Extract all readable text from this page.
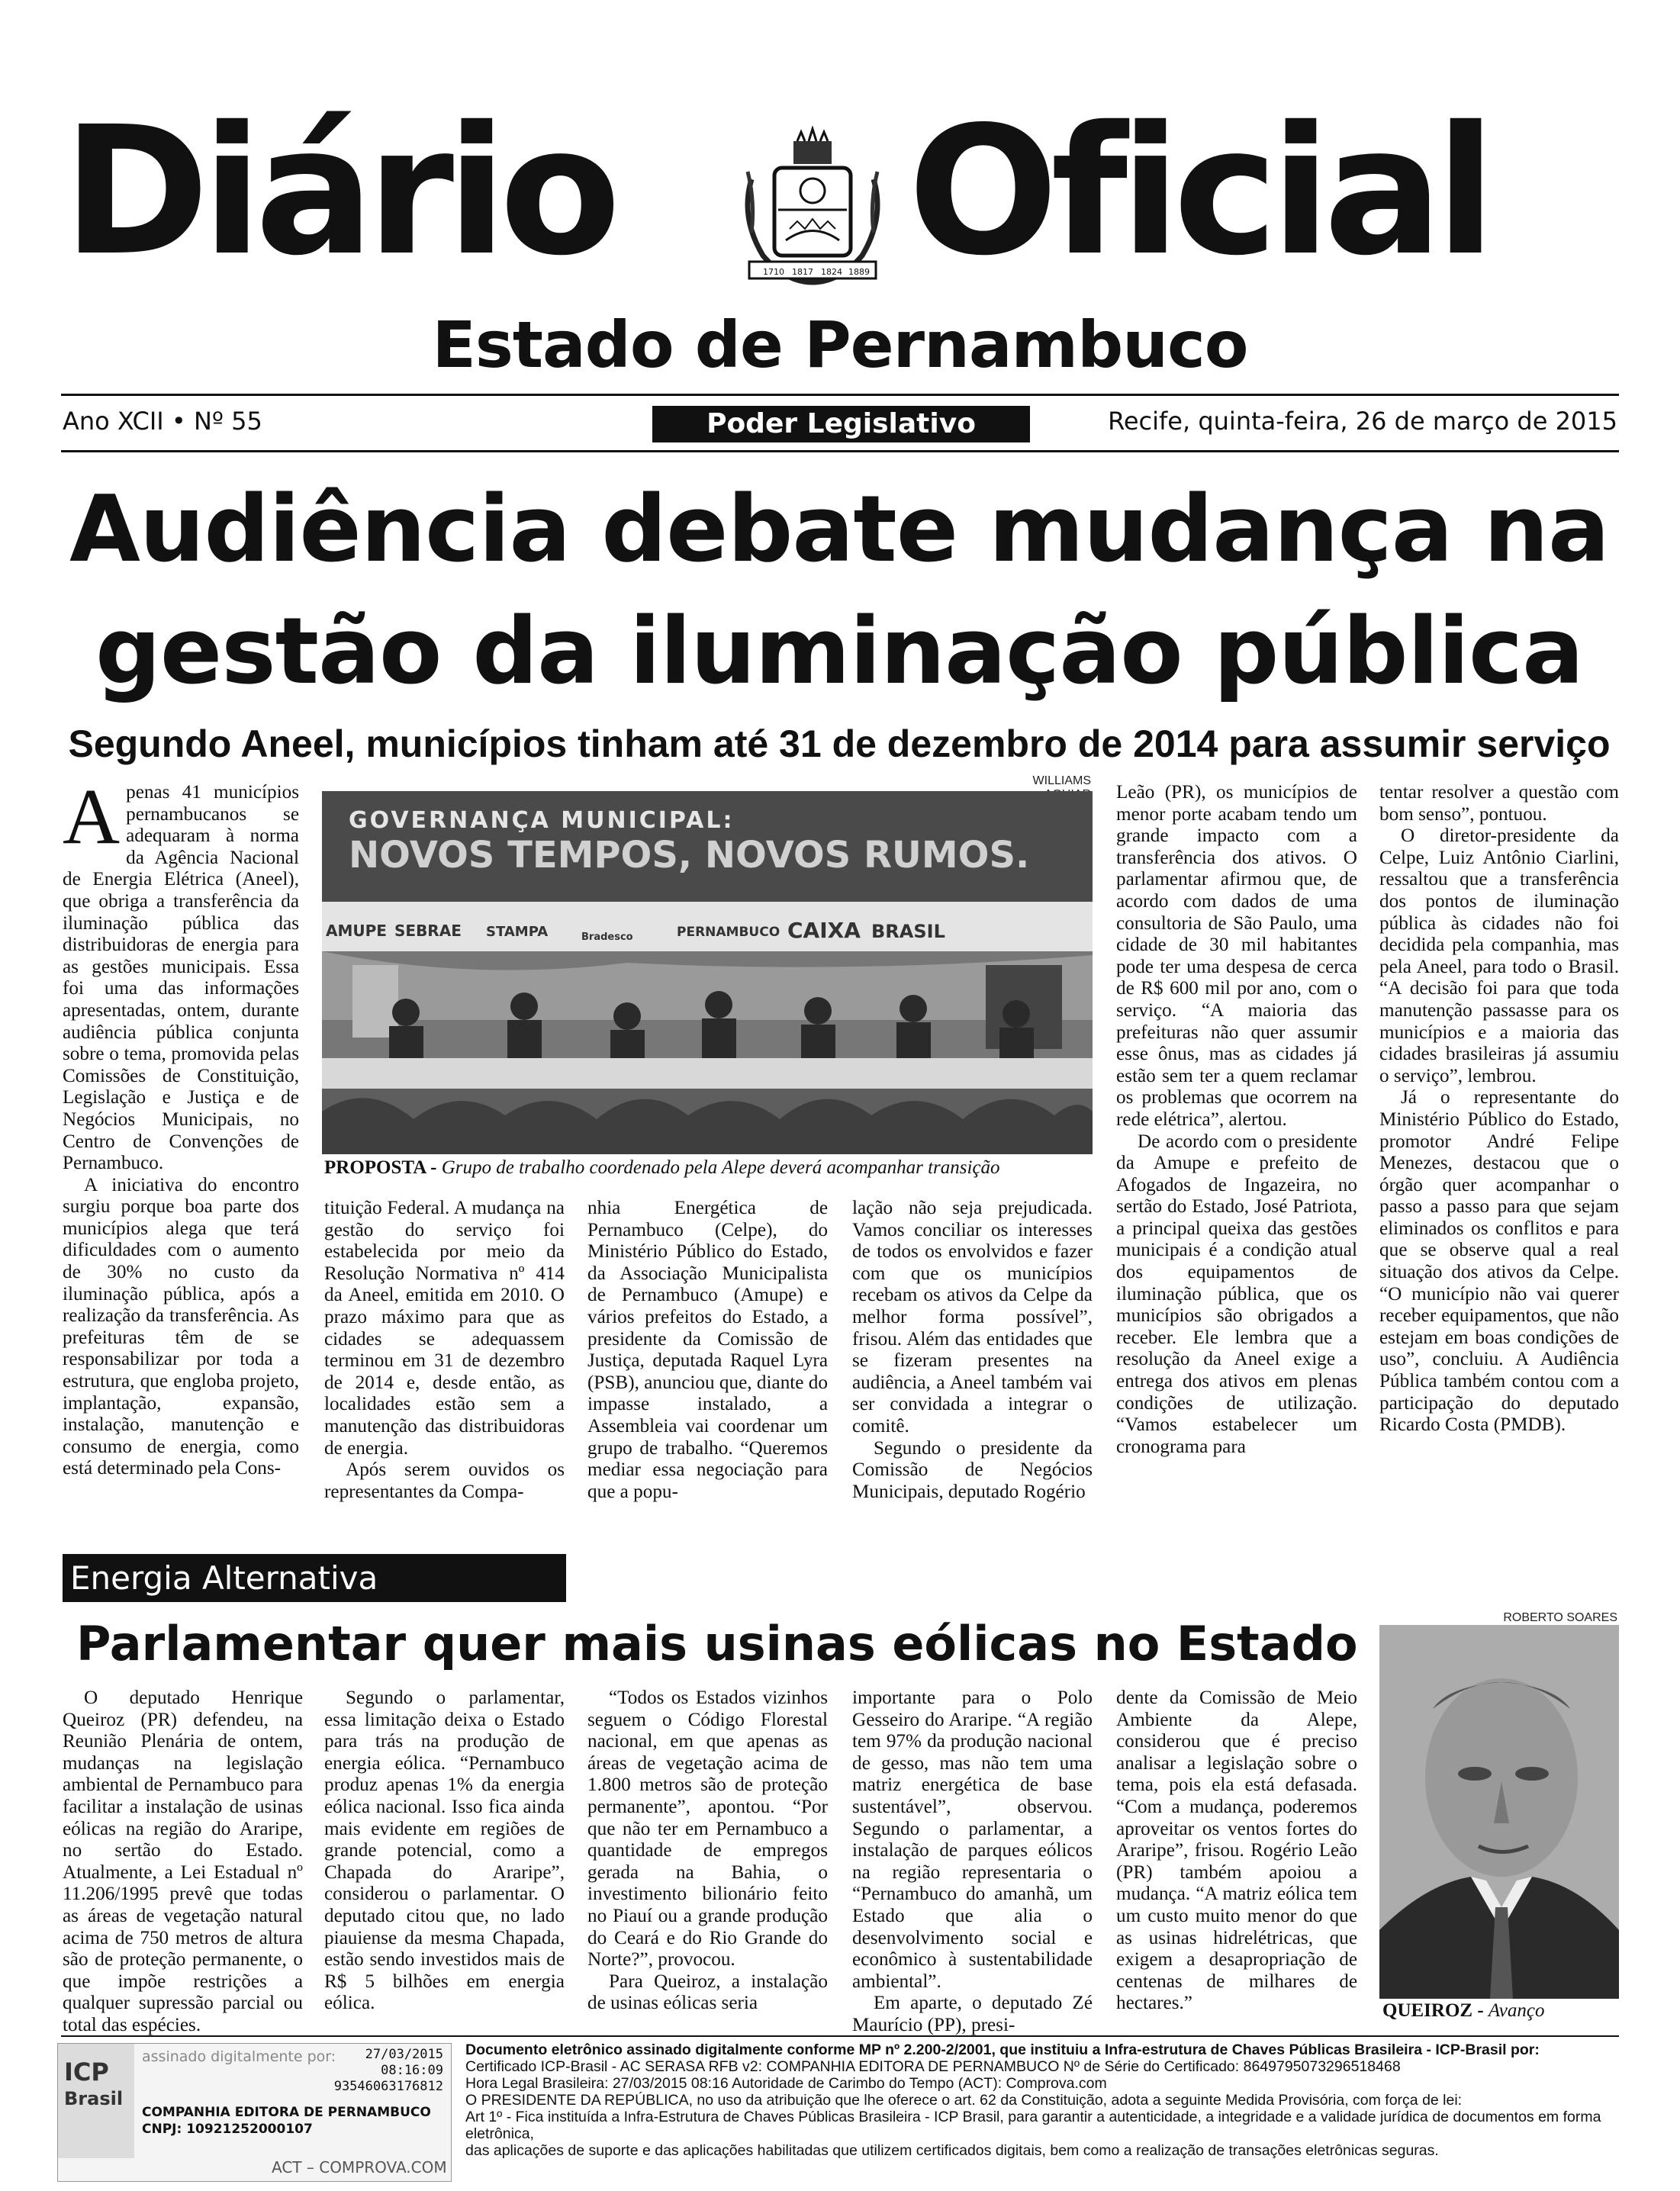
Diário Oficial
1710 1817 1824 1889
Estado de Pernambuco
Ano XCII • Nº 55	Poder Legislativo	Recife, quinta-feira, 26 de março de 2015
Audiência debate mudança na
gestão da iluminação pública
Segundo Aneel, municípios tinham até 31 de dezembro de 2014 para assumir serviço
WILLIAMS
GOVERNANÇA MUNICIPAL:
NOVOS TEMPOS, NOVOS RUMOS.
AMUPE SEBRAE STAMPA	Bradesco	PERNAMBUCO CAIXA BRASIL
PROPOSTA - Grupo de trabalho coordenado pela Alepe deverá acompanhar transição

Apenas 41 municípios pernambucanos se adequaram à norma da Agência Nacional de Energia Elétrica (Aneel), que obriga a transferência da iluminação pública das distribuidoras de energia para as gestões municipais. Essa foi uma das informações apresentadas, ontem, durante audiência pública conjunta sobre o tema, promovida pelas Comissões de Constituição, Legislação e Justiça e de Negócios Municipais, no Centro de Convenções de Pernambuco.

A iniciativa do encontro surgiu porque boa parte dos municípios alega que terá dificuldades com o aumento de 30% no custo da iluminação pública, após a realização da transferência. As prefeituras têm de se responsabilizar por toda a estrutura, que engloba projeto, implantação, expansão, instalação, manutenção e consumo de energia, como está determinado pela Cons-

tituição Federal. A mudança na gestão do serviço foi estabelecida por meio da Resolução Normativa nº 414 da Aneel, emitida em 2010. O prazo máximo para que as cidades se adequassem terminou em 31 de dezembro de 2014 e, desde então, as localidades estão sem a manutenção das distribuidoras de energia.

Após serem ouvidos os representantes da Compa-

nhia Energética de Pernambuco (Celpe), do Ministério Público do Estado, da Associação Municipalista de Pernambuco (Amupe) e vários prefeitos do Estado, a presidente da Comissão de Justiça, deputada Raquel Lyra (PSB), anunciou que, diante do impasse instalado, a Assembleia vai coordenar um grupo de trabalho. “Queremos mediar essa negociação para que a popu-

lação não seja prejudicada. Vamos conciliar os interesses de todos os envolvidos e fazer com que os municípios recebam os ativos da Celpe da melhor forma possível”, frisou. Além das entidades que se fizeram presentes na audiência, a Aneel também vai ser convidada a integrar o comitê.

Segundo o presidente da Comissão de Negócios Municipais, deputado Rogério

Leão (PR), os municípios de menor porte acabam tendo um grande impacto com a transferência dos ativos. O parlamentar afirmou que, de acordo com dados de uma consultoria de São Paulo, uma cidade de 30 mil habitantes pode ter uma despesa de cerca de R$ 600 mil por ano, com o serviço. “A maioria das prefeituras não quer assumir esse ônus, mas as cidades já estão sem ter a quem reclamar os problemas que ocorrem na rede elétrica”, alertou.

De acordo com o presidente da Amupe e prefeito de Afogados de Ingazeira, no sertão do Estado, José Patriota, a principal queixa das gestões municipais é a condição atual dos equipamentos de iluminação pública, que os municípios são obrigados a receber. Ele lembra que a resolução da Aneel exige a entrega dos ativos em plenas condições de utilização. “Vamos estabelecer um cronograma para

tentar resolver a questão com bom senso”, pontuou.

O diretor-presidente da Celpe, Luiz Antônio Ciarlini, ressaltou que a transferência dos pontos de iluminação pública às cidades não foi decidida pela companhia, mas pela Aneel, para todo o Brasil. “A decisão foi para que toda manutenção passasse para os municípios e a maioria das cidades brasileiras já assumiu o serviço”, lembrou.

Já o representante do Ministério Público do Estado, promotor André Felipe Menezes, destacou que o órgão quer acompanhar o passo a passo para que sejam eliminados os conflitos e para que se observe qual a real situação dos ativos da Celpe. “O município não vai querer receber equipamentos, que não estejam em boas condições de uso”, concluiu. A Audiência Pública também contou com a participação do deputado Ricardo Costa (PMDB).

Energia Alternativa
Parlamentar quer mais usinas eólicas no Estado	ROBERTO SOARES
QUEIROZ - Avanço

O deputado Henrique Queiroz (PR) defendeu, na Reunião Plenária de ontem, mudanças na legislação ambiental de Pernambuco para facilitar a instalação de usinas eólicas na região do Araripe, no sertão do Estado. Atualmente, a Lei Estadual nº 11.206/1995 prevê que todas as áreas de vegetação natural acima de 750 metros de altura são de proteção permanente, o que impõe restrições a qualquer supressão parcial ou total das espécies.

Segundo o parlamentar, essa limitação deixa o Estado para trás na produção de energia eólica. “Pernambuco produz apenas 1% da energia eólica nacional. Isso fica ainda mais evidente em regiões de grande potencial, como a Chapada do Araripe”, considerou o parlamentar. O deputado citou que, no lado piauiense da mesma Chapada, estão sendo investidos mais de R$ 5 bilhões em energia eólica.

“Todos os Estados vizinhos seguem o Código Florestal nacional, em que apenas as áreas de vegetação acima de 1.800 metros são de proteção permanente”, apontou. “Por que não ter em Pernambuco a quantidade de empregos gerada na Bahia, o investimento bilionário feito no Piauí ou a grande produção do Ceará e do Rio Grande do Norte?”, provocou.

Para Queiroz, a instalação de usinas eólicas seria

importante para o Polo Gesseiro do Araripe. “A região tem 97% da produção nacional de gesso, mas não tem uma matriz energética de base sustentável”, observou. Segundo o parlamentar, a instalação de parques eólicos na região representaria o “Pernambuco do amanhã, um Estado que alia o desenvolvimento social e econômico à sustentabilidade ambiental”.

Em aparte, o deputado Zé Maurício (PP), presi-

dente da Comissão de Meio Ambiente da Alepe, considerou que é preciso analisar a legislação sobre o tema, pois ela está defasada. “Com a mudança, poderemos aproveitar os ventos fortes do Araripe”, frisou. Rogério Leão (PR) também apoiou a mudança. “A matriz eólica tem um custo muito menor do que as usinas hidrelétricas, que exigem a desapropriação de centenas de milhares de hectares.”

ICP
Brasil
assinado digitalmente por:	27/03/2015
08:16:09
93546063176812
COMPANHIA EDITORA DE PERNAMBUCO
CNPJ: 10921252000107
ACT – COMPROVA.COM
Documento eletrônico assinado digitalmente conforme MP nº 2.200-2/2001, que instituiu a Infra-estrutura de Chaves Públicas Brasileira - ICP-Brasil por:
Certificado ICP-Brasil - AC SERASA RFB v2: COMPANHIA EDITORA DE PERNAMBUCO Nº de Série do Certificado: 8649795073296518468
Hora Legal Brasileira: 27/03/2015 08:16 Autoridade de Carimbo do Tempo (ACT): Comprova.com
O PRESIDENTE DA REPÚBLICA, no uso da atribuição que lhe oferece o art. 62 da Constituição, adota a seguinte Medida Provisória, com força de lei:
Art 1º - Fica instituída a Infra-Estrutura de Chaves Públicas Brasileira - ICP Brasil, para garantir a autenticidade, a integridade e a validade jurídica de documentos em forma eletrônica,
das aplicações de suporte e das aplicações habilitadas que utilizem certificados digitais, bem como a realização de transações eletrônicas seguras.
